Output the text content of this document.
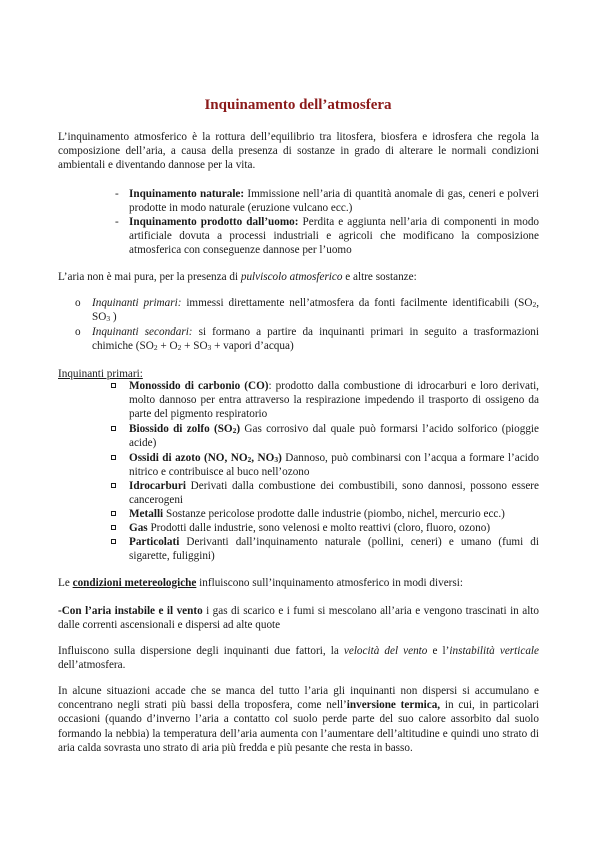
Inquinamento dell’atmosfera

L’inquinamento atmosferico è la rottura dell’equilibrio tra litosfera, biosfera e idrosfera che regola la composizione dell’aria, a causa della presenza di sostanze in grado di alterare le normali condizioni ambientali e diventando dannose per la vita.

- Inquinamento naturale: Immissione nell’aria di quantità anomale di gas, ceneri e polveri prodotte in modo naturale (eruzione vulcano ecc.)
- Inquinamento prodotto dall’uomo: Perdita e aggiunta nell’aria di componenti in modo artificiale dovuta a processi industriali e agricoli che modificano la composizione atmosferica con conseguenze dannose per l’uomo

L’aria non è mai pura, per la presenza di pulviscolo atmosferico e altre sostanze:

o Inquinanti primari: immessi direttamente nell’atmosfera da fonti facilmente identificabili ($SO_2$, $SO_3$ )
o Inquinanti secondari: si formano a partire da inquinanti primari in seguito a trasformazioni chimiche ($SO_2 + O_2 + SO_3$ + vapori d’acqua)
Inquinanti primari:
Monossido di carbonio (CO): prodotto dalla combustione di idrocarburi e loro derivati, molto dannoso per entra attraverso la respirazione impedendo il trasporto di ossigeno da parte del pigmento respiratorio
Biossido di zolfo $(SO_2)$ Gas corrosivo dal quale può formarsi l’acido solforico (pioggie acide)
Ossidi di azoto (NO, $NO_2$, $NO_3$) Dannoso, può combinarsi con l’acqua a formare l’acido nitrico e contribuisce al buco nell’ozono
Idrocarburi Derivati dalla combustione dei combustibili, sono dannosi, possono essere cancerogeni
Metalli Sostanze pericolose prodotte dalle industrie (piombo, nichel, mercurio ecc.)
Gas Prodotti dalle industrie, sono velenosi e molto reattivi (cloro, fluoro, ozono)
Particolati Derivanti dall’inquinamento naturale (pollini, ceneri) e umano (fumi di sigarette, fuliggini)

Le condizioni metereologiche influiscono sull’inquinamento atmosferico in modi diversi:

-Con l’aria instabile e il vento i gas di scarico e i fumi si mescolano all’aria e vengono trascinati in alto dalle correnti ascensionali e dispersi ad alte quote

Influiscono sulla dispersione degli inquinanti due fattori, la velocità del vento e l’instabilità verticale dell’atmosfera.

In alcune situazioni accade che se manca del tutto l’aria gli inquinanti non dispersi si accumulano e concentrano negli strati più bassi della troposfera, come nell’inversione termica, in cui, in particolari occasioni (quando d’inverno l’aria a contatto col suolo perde parte del suo calore assorbito dal suolo formando la nebbia) la temperatura dell’aria aumenta con l’aumentare dell’altitudine e quindi uno strato di aria calda sovrasta uno strato di aria più fredda e più pesante che resta in basso.
